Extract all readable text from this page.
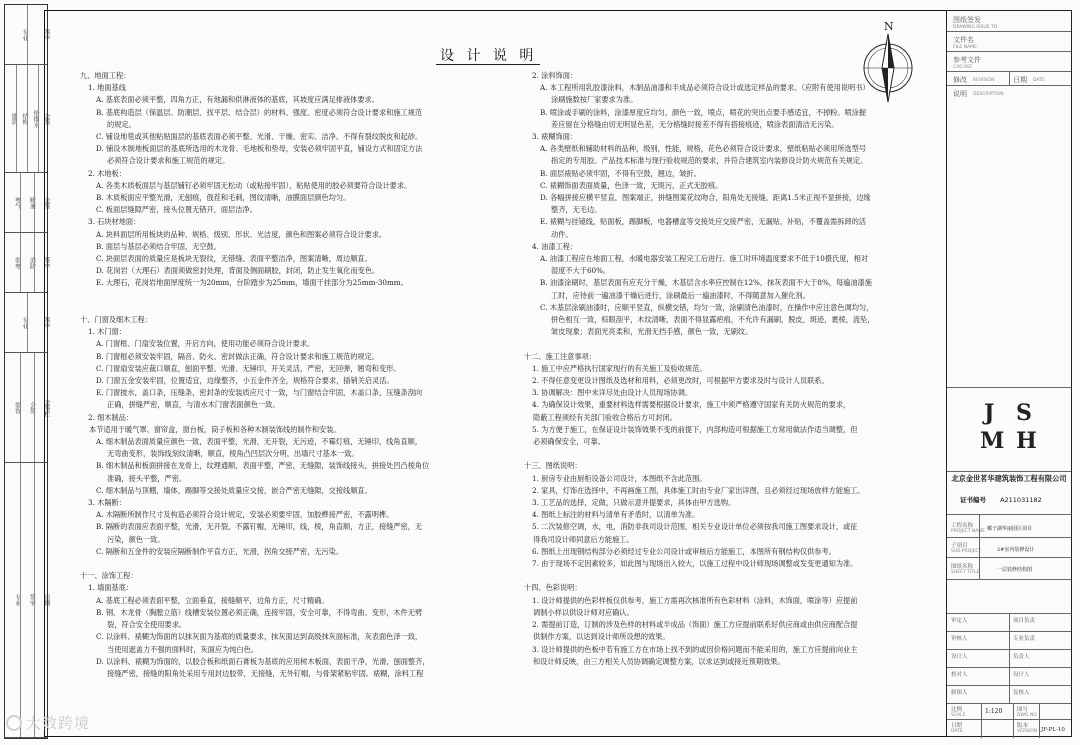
专业	签字
建筑 结构 给排水 会签
电气	暖通	会签
弱电	消防	签字
专业	签字
装饰	会签	会签栏
专业	签字	日期
设 计 说 明
N
九、地面工程：
1. 地面基线
A. 基底表面必须平整，四角方正，有地漏和供淋液体的基底，其坡度应满足排液体要求。
B. 基底构造层（保温层、防潮层、找平层、结合层）的材料、强度、密度必须符合设计要求和施工规范
的规定。
C. 铺设地毯或其他粘贴面层的基底表面必须平整、光滑、干燥、密实、洁净。不得有裂纹脱皮和起砂。
D. 铺设木制地板面层的基底所选用的木龙骨、毛地板和垫母，安装必须牢固平直，铺设方式和固定方法
必须符合设计要求和施工规范的规定。
2. 木地板：
A. 各类木质板面层与基层铺钉必须牢固无松动（或粘接牢固），粘贴使用的胶必须要符合设计要求。
B. 木质板面应平整光滑，无刨痕，戗茬和毛刺，图纹清晰，油膜面层颜色均匀。
C. 板面层缝隙严密，接头位置无错开，面层洁净。
3. 石块材地面：
A. 块料面层所用板块的品种、规格、级别、形状、光洁度，颜色和图案必须符合设计要求。
B. 面层与基层必须结合牢固，无空鼓。
C. 块面层表面的质量应是板块无裂纹，无错缝、表面平整洁净，图案清晰，周边顺直。
D. 花岗岩（大理石）表面须做密封处理，背面及侧面刷胶，封闭，防止发生氧化而变色。
E. 大理石，花岗岩地面厚度统一为20mm，台阶踏步为25mm，墙面干挂部分为25mm-30mm。
十、门窗及细木工程：
1. 木门窗：
A. 门窗框、门扇安装位置，开启方向，使用功能必须符合设计要求。
B. 门窗框必须安装牢固，隔音、防火、密封做法正确，符合设计要求和施工规范的规定。
C. 门窗扇安装应裁口顺直，刨面平整、光滑、无锤印，开关灵活，严密，无回弹，翘弯和变形。
D. 门窗五金安装牢固，位置适宜，边缘整齐，小五金件齐全，规格符合要求，插销关启灵活。
E. 门窗披水，盖口条，压缝条，密封条的安装质应尺寸一致，与门窗结合牢固，木盖口条，压缝条刮向
正确，拼缝严密，顺直，与清水木门窗表面颜色一致。
2. 细木制品：
本节适用于暖气罩、窗帘盒，窗台板，筒子板和各种木制装饰线的制作和安装。
A. 细木制品表面质量应颜色一致，表面平整，光滑，无开裂，无污迹，不霉灯痕，无锤印，线角直顺，
无弯曲变形，装饰线刻纹清晰，顺直，棱角凸凹层次分明，出墙尺寸基本一致。
B. 细木制品和板面拼接在龙骨上，纹理通顺，表面平整，严密，无缝隙，装饰线接头，拼接处凹凸棱角位
准确，接头平整，严密。
C. 细木制品与顶棚，墙体，踢脚等交接处质量应交接，嵌合严密无缝隙，交接线顺直。
3. 木隔断：
A. 木隔断所制作尺寸及构造必须符合设计规定，安装必须要牢固，加胶榫接严密，不露明榫。
B. 隔断的表面应表面平整，光滑，无开裂，不露钉帽，无锤印，线，棱，角直顺，方正，接缝严密，无
污染，颜色一致。
C. 隔断和五金件的安装应隔断制作平直方正，光滑，拐角交接严密，无污染。
十一、涂饰工程：
1. 墙面基底：
A. 基底工程必须表面平整，立面垂直，接缝顺平，边角方正，尺寸精确。
B. 钢、木龙骨（胸膛立筋）线槽安装位置必须正确，连接牢固，安全可靠，不得弯曲、变形，木件无劈
裂，符合安全使用要求。
C. 以涂料、裱糊为饰面的以抹灰面为基底的质量要求，抹灰面达到高级抹灰面标准，灰表面色泽一致，
当使用遮盖力不强的面料时，灰面应为纯白色。
D. 以涂料、裱糊为饰面的，以胶合板和纸面石膏板为基底的应用树木板面，表面干净，光滑，刨面整齐，
接缝严密，接缝的阳角处采用专用封边胶带，无接缝，无外钉帽，与骨架紧粘牢固。裱糊，涂料工程
2. 涂料饰面：
A. 本工程所用乳胶漆涂料，木制品油漆和半成品必须符合设计或选定样品的要求。（应附有使用说明书）
涂刷施数按厂家要求为准。
B. 喷涂或手刷的涂料，涂漆厚度应均匀，颜色一致，喷点，喷花的突出点要手感适宜，不掉粉。喷涂握
差应留在分格缝由切无明显色差，无分格缝时接差不得有搭接痕迹，喷涂表面清洁无污染。
3. 裱糊饰面：
A. 各类壁纸和辅助材料的品种，级别，性能，规格，花色必须符合设计要求，壁纸粘贴必须用所选型号
指定的专用胶。产品技术标准与现行验收规范的要求，并符合建筑室内装修设计防火规范有关规定。
B. 面层裱贴必须牢固，不得有空鼓，翘边，皱折。
C. 裱糊饰面表面质量，色泽一致，无斑污，正式无胶痕。
D. 各幅拼接应横平竖直，图案端正，拼缝图案花纹吻合，阳角处无接缝，距离1.5米正视不显拼接，边缘
整齐，无毛边。
E. 裱糊与挂镜线，贴面板，踢脚板，电器槽盒等交接处应交接严密，无漏贴，补贴，不覆盖需拆卸的活
动件。
4. 油漆工程：
A. 油漆工程应在地面工程，水暖电器安装工程完工后进行。施工时环境温度要求不低于10摄氏度，相对
湿度不大于60%。
B. 油漆涂刷时，基层表面有应充分干燥，木基层含水率应控制在12%，抹灰表面不大于8%，每遍油漆施
工时，应待前一遍油漆干燥后进行，涂刷最后一遍油漆时，不得随意加入催化剂。
C. 木基层涂刷油漆时，应顺平竖直，纵横交错，均匀一致，涂刷清色油漆时，在操作中应注意色调均匀，
拼色相互一致，棕眼刮平，木纹清晰，表面不得显露疤痕，不允许有漏刷，脱皮，斑迹，裹棱，流坠，
皱皮现象；表面光亮柔和，光滑无挡手感，颜色一致，无刷纹。
十二、施工注意事项：
1. 施工中应严格执行国家现行的有关施工及验收规范。
2. 不得任意变更设计图纸及选材和用料，必须更改时，可根据甲方要求及时与设计人员联系。
3. 协调解决：图中未详尽处由设计人员现场协调。
4. 为确保设计效果，重要材料选样需要根据设计要求，施工中须严格遵守国家有关防火规范的要求，
隐蔽工程须经有关部门验收合格后方可封闭。
5. 为方便于施工，在保证设计装饰效果不变的前提下，内部构造可根据施工方常用做法作适当调整，但
必须确保安全，可靠。
十三、图纸说明：
1. 厨房专业由厨柜设备公司设计，本图纸不含此范围。
2. 家具，灯饰在选择中，不再画施工图，具体施工时由专业厂家出详图，且必须经过现场放样方能施工。
3. 工艺品的选择，定做，只做示意并提要求，具体由甲方选购。
4. 图纸上标注的材料与清单有矛盾时，以清单为准。
5. 二次装修空调，水，电，消防非我司设计范围，相关专业设计单位必须按我司施工图要求设计，或征
得我司设计师同意后方能施工。
6. 图纸上出现钢结构部分必须经过专业公司设计或审核后方能施工，本图所有钢结构仅供参考。
7. 由于现场不定因素较多，如此图与现场出入较大，以施工过程中设计师现场调整或发变更通知为准。
十四、色彩说明：
1. 设计师提供的色彩样板仅供参考，施工方需再次核准所有色彩材料（涂料，木饰面，喷涂等）应提前
调制小样以供设计师对应确认。
2. 需提前订造，订制的涉及色样的材料或半成品（饰面）施工方应提前联系好供应商或由供应商配合提
供制作方案，以达到设计师所设想的效果。
3. 设计师提供的色板中若有施工方在市场上找不到的或因价格问题而不能采用的，施工方应提前向业主
和设计师反映，由三方相关人员协调确定调整方案，以求达到或接近预期效果。
图纸签发
DRAWING ISSUE TO
文件名
FILE NAME
参考文件
CAD REF
修改 REVISION	日期 DATE
说明 DESCRIPTION
工程名称
PROJECT NAME 椰子湖华丽园区项目
子项目
SUB-PROJECT	2#室内装修设计
图纸名称
SHEET TITLE	一层装修结构图
审定人	项目负责
审核人	专业负责
设计人	负责人
校对人	设计人
制图人	复核人
比例
SCALE
1:120	图号
DWG NO
日期
DATE
版本
VERSION JF-PL-10
J S
M H
北京金世茗华建筑装饰工程有限公司
证书编号 A211031182
大数跨境
